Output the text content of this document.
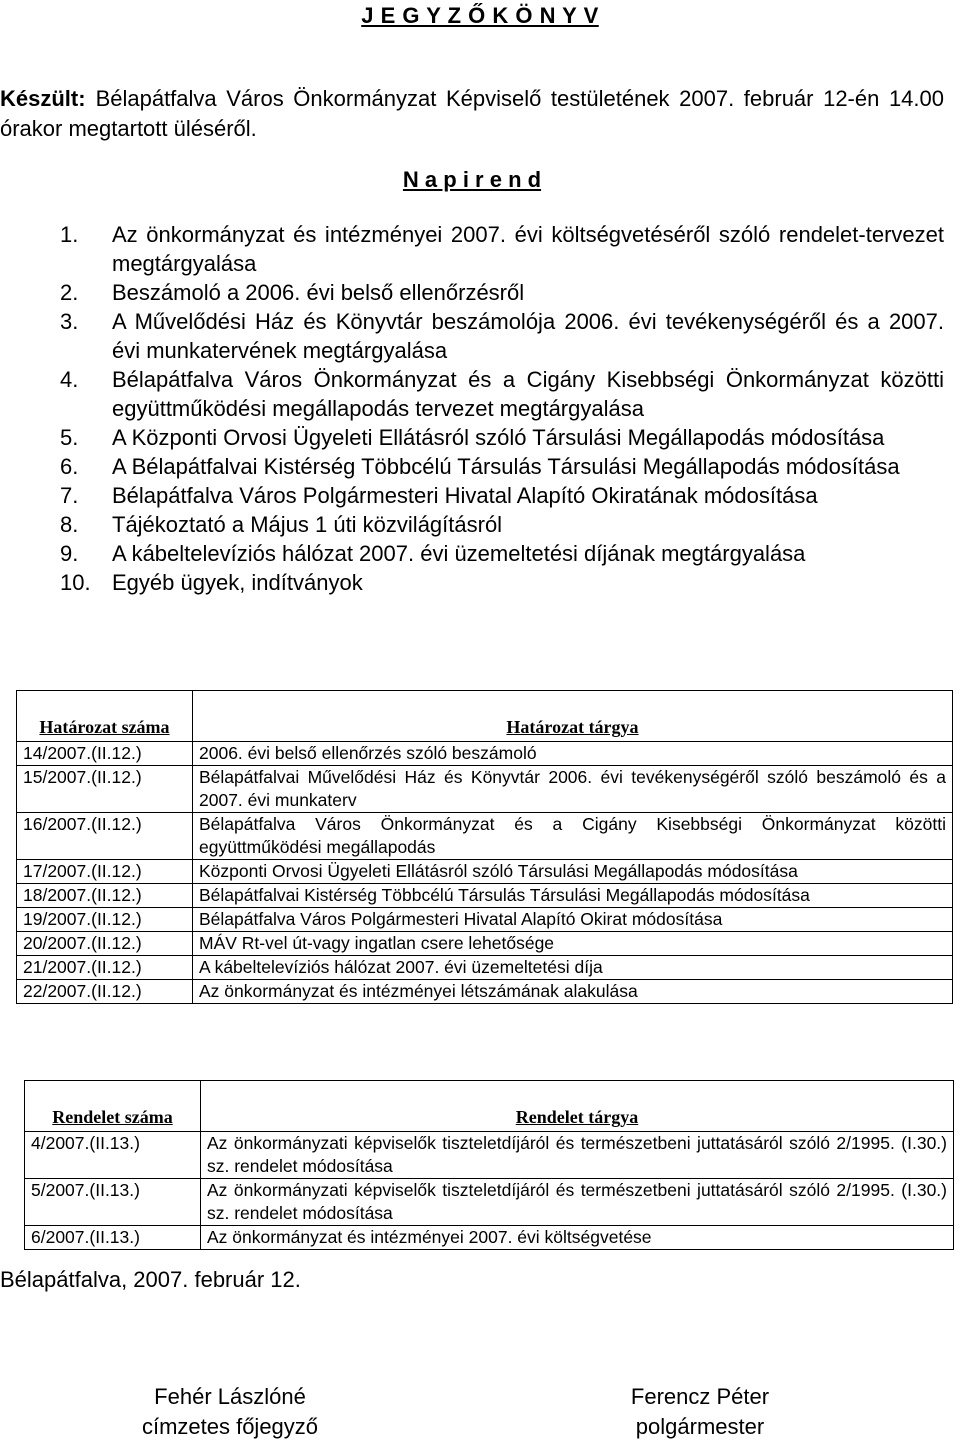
J E G Y Z Ő K Ö N Y V
Készült: Bélapátfalva Város Önkormányzat Képviselő testületének 2007. február 12-én 14.00 órakor megtartott üléséről.
N a p i r e n d
1.	Az önkormányzat és intézményei 2007. évi költségvetéséről szóló rendelet-tervezet megtárgyalása
2.	Beszámoló a 2006. évi belső ellenőrzésről
3.	A Művelődési Ház és Könyvtár beszámolója 2006. évi tevékenységéről és a 2007. évi munkatervének megtárgyalása
4.	Bélapátfalva Város Önkormányzat és a Cigány Kisebbségi Önkormányzat közötti együttműködési megállapodás tervezet megtárgyalása
5.	A Központi Orvosi Ügyeleti Ellátásról szóló Társulási Megállapodás módosítása
6.	A Bélapátfalvai Kistérség Többcélú Társulás Társulási Megállapodás módosítása
7.	Bélapátfalva Város Polgármesteri Hivatal Alapító Okiratának módosítása
8.	Tájékoztató a Május 1 úti közvilágításról
9.	A kábeltelevíziós hálózat 2007. évi üzemeltetési díjának megtárgyalása
10. Egyéb ügyek, indítványok
Határozat száma	Határozat tárgya
14/2007.(II.12.)	2006. évi belső ellenőrzés szóló beszámoló
15/2007.(II.12.)	Bélapátfalvai Művelődési Ház és Könyvtár 2006. évi tevékenységéről szóló beszámoló és a 2007. évi munkaterv
16/2007.(II.12.)	Bélapátfalva Város Önkormányzat és a Cigány Kisebbségi Önkormányzat közötti együttműködési megállapodás
17/2007.(II.12.)	Központi Orvosi Ügyeleti Ellátásról szóló Társulási Megállapodás módosítása
18/2007.(II.12.)	Bélapátfalvai Kistérség Többcélú Társulás Társulási Megállapodás módosítása
19/2007.(II.12.)	Bélapátfalva Város Polgármesteri Hivatal Alapító Okirat módosítása
20/2007.(II.12.)	MÁV Rt-vel út-vagy ingatlan csere lehetősége
21/2007.(II.12.)	A kábeltelevíziós hálózat 2007. évi üzemeltetési díja
22/2007.(II.12.)	Az önkormányzat és intézményei létszámának alakulása
Rendelet száma	Rendelet tárgya
4/2007.(II.13.)	Az önkormányzati képviselők tiszteletdíjáról és természetbeni juttatásáról szóló 2/1995. (I.30.) sz. rendelet módosítása
5/2007.(II.13.)	Az önkormányzati képviselők tiszteletdíjáról és természetbeni juttatásáról szóló 2/1995. (I.30.) sz. rendelet módosítása
6/2007.(II.13.)	Az önkormányzat és intézményei 2007. évi költségvetése
Bélapátfalva, 2007. február 12.
Fehér Lászlóné
címzetes főjegyző
Ferencz Péter
polgármester
